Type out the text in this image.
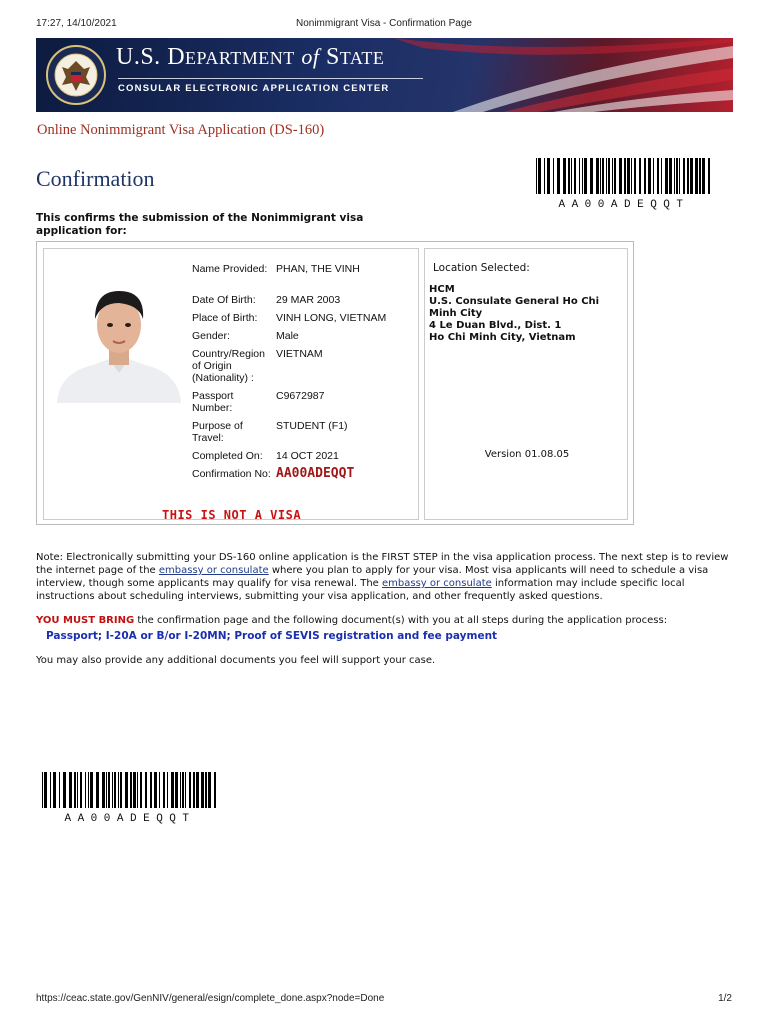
17:27, 14/10/2021	Nonimmigrant Visa - Confirmation Page
U.S. DEPARTMENT of STATE
CONSULAR ELECTRONIC APPLICATION CENTER
Online Nonimmigrant Visa Application (DS-160)
Confirmation
AA00ADEQQT
This confirms the submission of the Nonimmigrant visa application for:
Name Provided: PHAN, THE VINH
Date Of Birth:	29 MAR 2003
Place of Birth:	VINH LONG, VIETNAM
Gender:	Male
Country/Region of Origin (Nationality) :
VIETNAM
Passport Number:
C9672987
Purpose of Travel:
STUDENT (F1)
Completed On:	14 OCT 2021
Confirmation No: AA00ADEQQT
THIS IS NOT A VISA
Location Selected:
HCM
U.S. Consulate General Ho Chi Minh City
4 Le Duan Blvd., Dist. 1
Ho Chi Minh City, Vietnam
Version 01.08.05
Note: Electronically submitting your DS-160 online application is the FIRST STEP in the visa application process. The next step is to review the internet page of the embassy or consulate where you plan to apply for your visa. Most visa applicants will need to schedule a visa interview, though some applicants may qualify for visa renewal. The embassy or consulate information may include specific local instructions about scheduling interviews, submitting your visa application, and other frequently asked questions.
YOU MUST BRING the confirmation page and the following document(s) with you at all steps during the application process:
Passport; I-20A or B/or I-20MN; Proof of SEVIS registration and fee payment
You may also provide any additional documents you feel will support your case.
AA00ADEQQT
https://ceac.state.gov/GenNIV/general/esign/complete_done.aspx?node=Done	1/2
